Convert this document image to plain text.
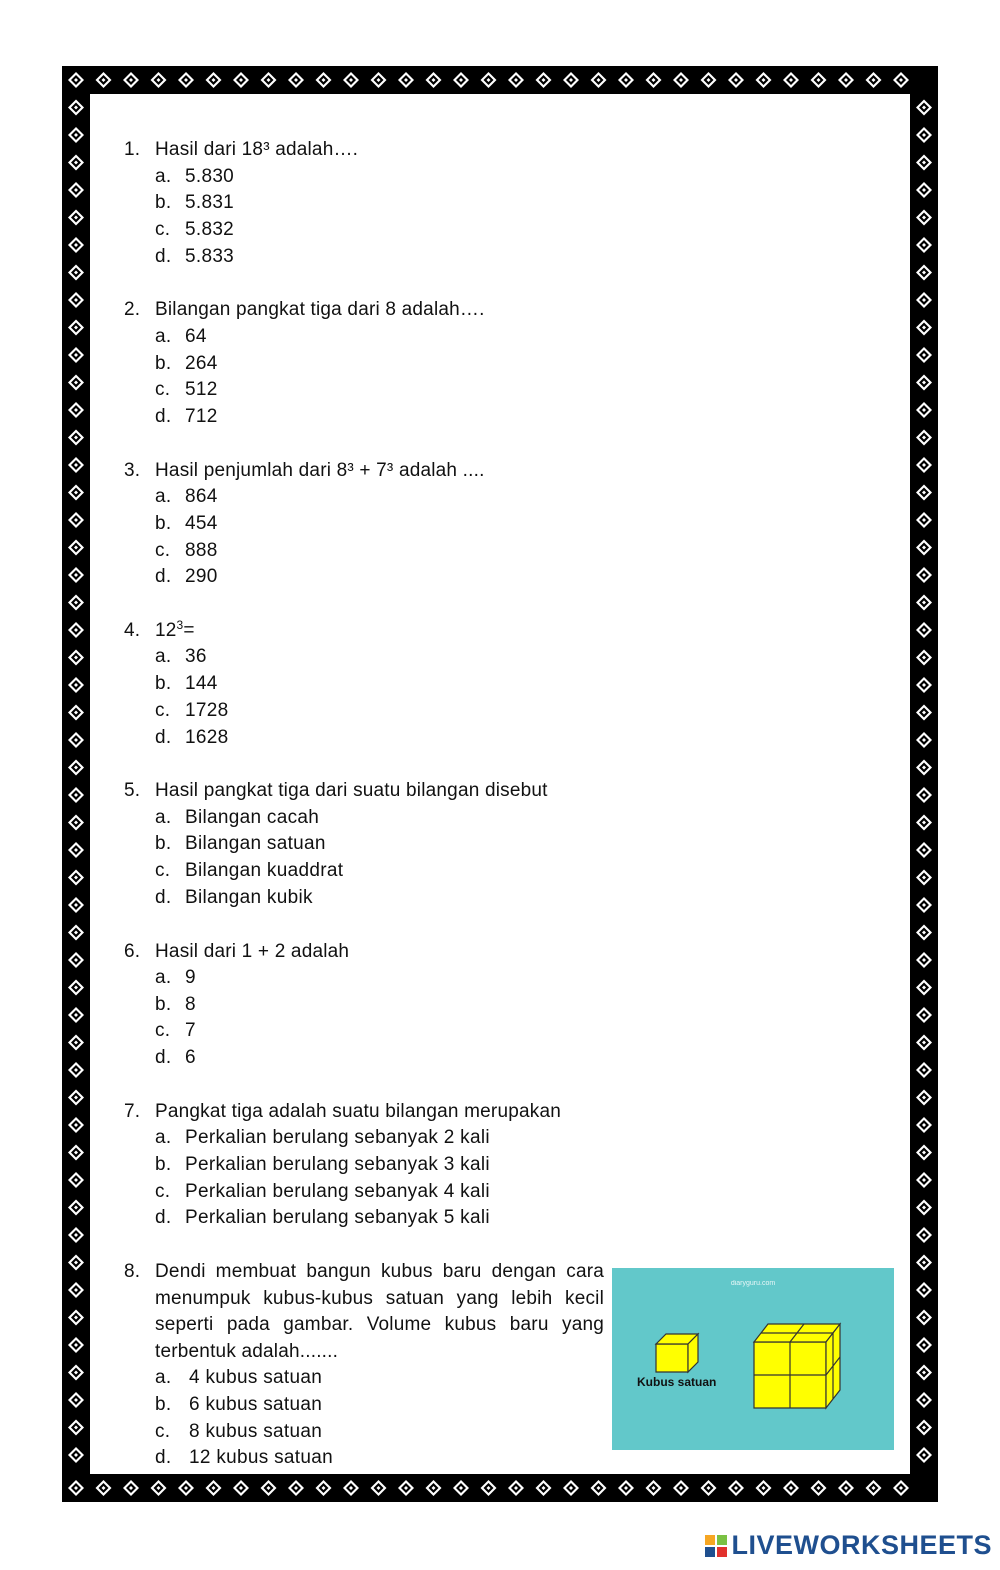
1. Hasil dari 18³ adalah….
a. 5.830
b. 5.831
c. 5.832
d. 5.833
2. Bilangan pangkat tiga dari 8 adalah….
a. 64
b. 264
c. 512
d. 712
3. Hasil penjumlah dari 8³ + 7³ adalah ....
a. 864
b. 454
c. 888
d. 290
4. $12^3=$
a. 36
b. 144
c. 1728
d. 1628
5. Hasil pangkat tiga dari suatu bilangan disebut
a. Bilangan cacah
b. Bilangan satuan
c. Bilangan kuaddrat
d. Bilangan kubik
6. Hasil dari 1 + 2 adalah
a. 9
b. 8
c. 7
d. 6
7. Pangkat tiga adalah suatu bilangan merupakan
a. Perkalian berulang sebanyak 2 kali
b. Perkalian berulang sebanyak 3 kali
c. Perkalian berulang sebanyak 4 kali
d. Perkalian berulang sebanyak 5 kali
8. Dendi membuat bangun kubus baru dengan cara menumpuk kubus-kubus satuan yang lebih kecil seperti pada gambar. Volume kubus baru yang terbentuk adalah.......
a. 4 kubus satuan
b. 6 kubus satuan
c. 8 kubus satuan
d. 12 kubus satuan
diaryguru.com
Kubus satuan
LIVEWORKSHEETS
